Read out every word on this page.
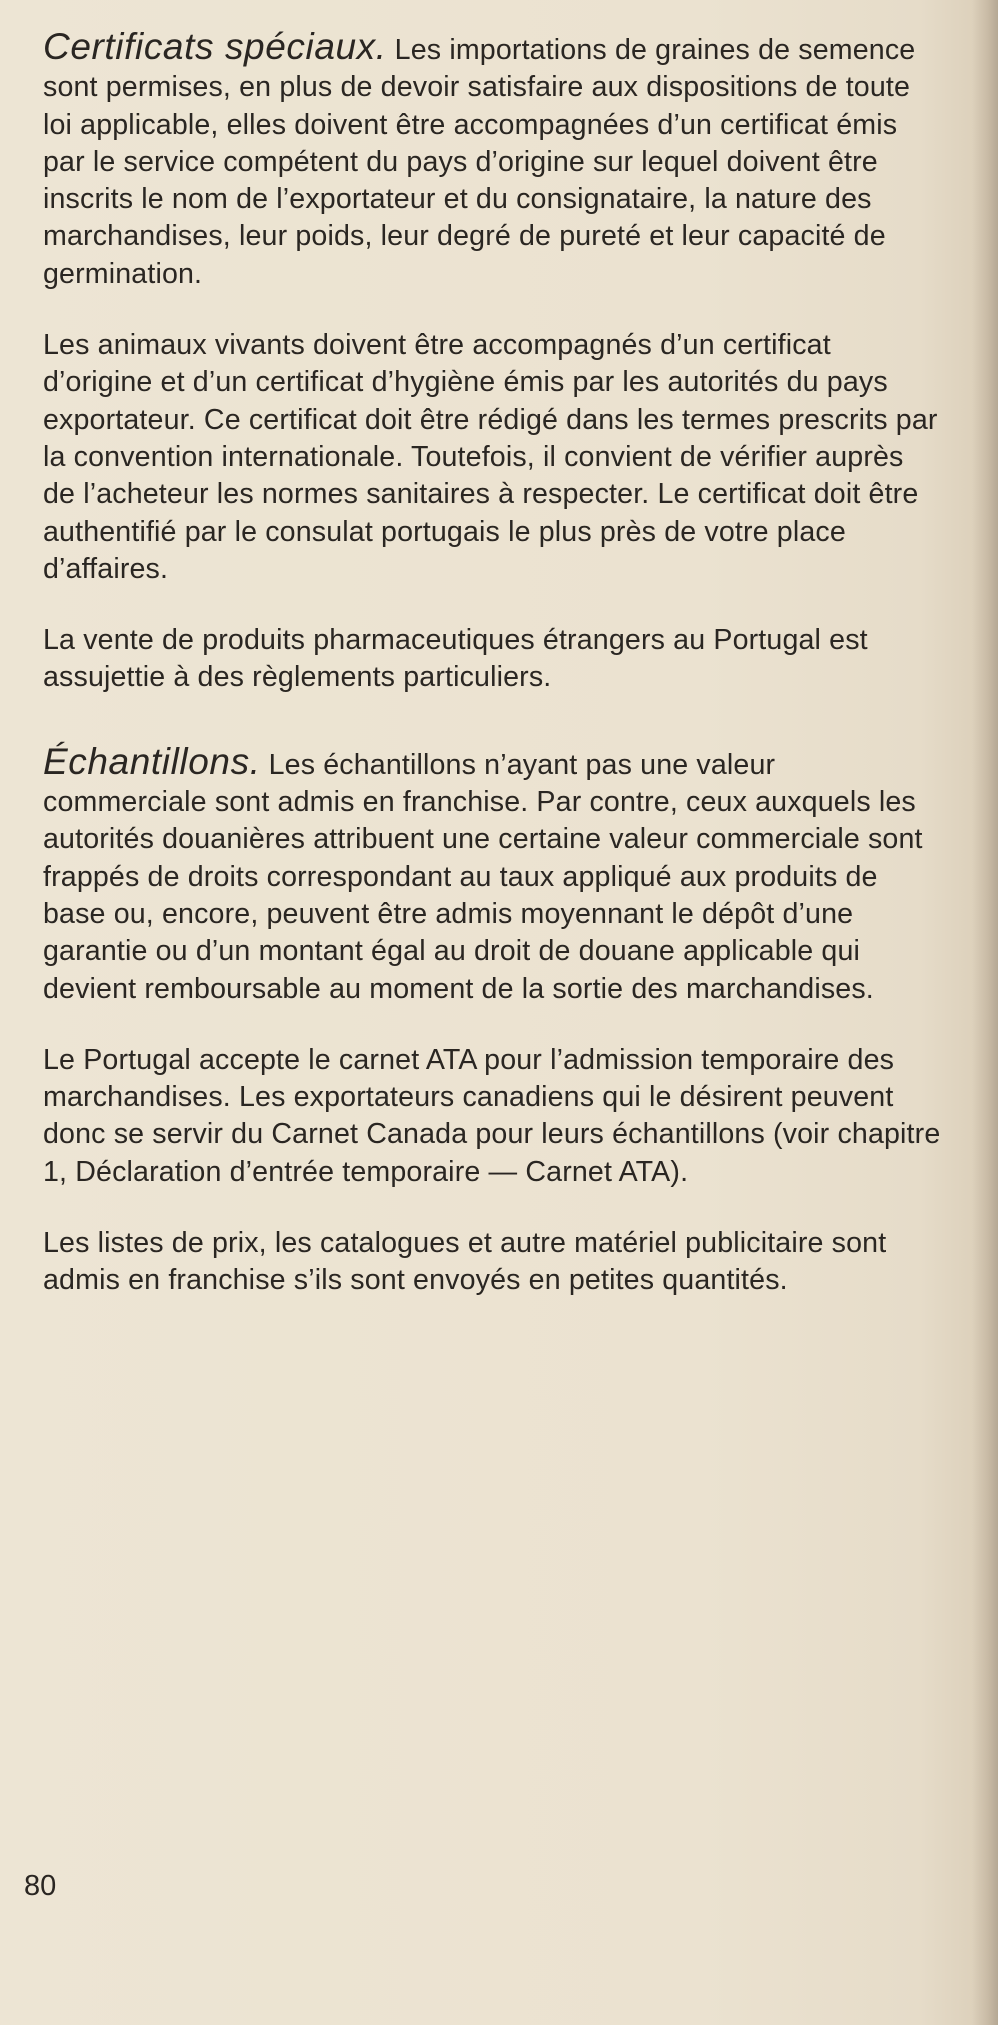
Certificats spéciaux. Les importations de graines de semence sont permises, en plus de devoir satisfaire aux dispositions de toute loi applicable, elles doivent être accompagnées d’un certificat émis par le service compétent du pays d’origine sur lequel doivent être inscrits le nom de l’exportateur et du consignataire, la nature des marchandises, leur poids, leur degré de pureté et leur capacité de germination.

Les animaux vivants doivent être accompagnés d’un certificat d’origine et d’un certificat d’hygiène émis par les autorités du pays exportateur. Ce certificat doit être rédigé dans les termes prescrits par la convention internationale. Toutefois, il convient de vérifier auprès de l’acheteur les normes sanitaires à respecter. Le certificat doit être authentifié par le consulat portugais le plus près de votre place d’affaires.

La vente de produits pharmaceutiques étrangers au Portugal est assujettie à des règlements particuliers.

Échantillons. Les échantillons n’ayant pas une valeur commerciale sont admis en franchise. Par contre, ceux auxquels les autorités douanières attribuent une certaine valeur commerciale sont frappés de droits correspondant au taux appliqué aux produits de base ou, encore, peuvent être admis moyennant le dépôt d’une garantie ou d’un montant égal au droit de douane applicable qui devient remboursable au moment de la sortie des marchandises.

Le Portugal accepte le carnet ATA pour l’admission temporaire des marchandises. Les exportateurs canadiens qui le désirent peuvent donc se servir du Carnet Canada pour leurs échantillons (voir chapitre 1, Déclaration d’entrée temporaire — Carnet ATA).

Les listes de prix, les catalogues et autre matériel publicitaire sont admis en franchise s’ils sont envoyés en petites quantités.

80
